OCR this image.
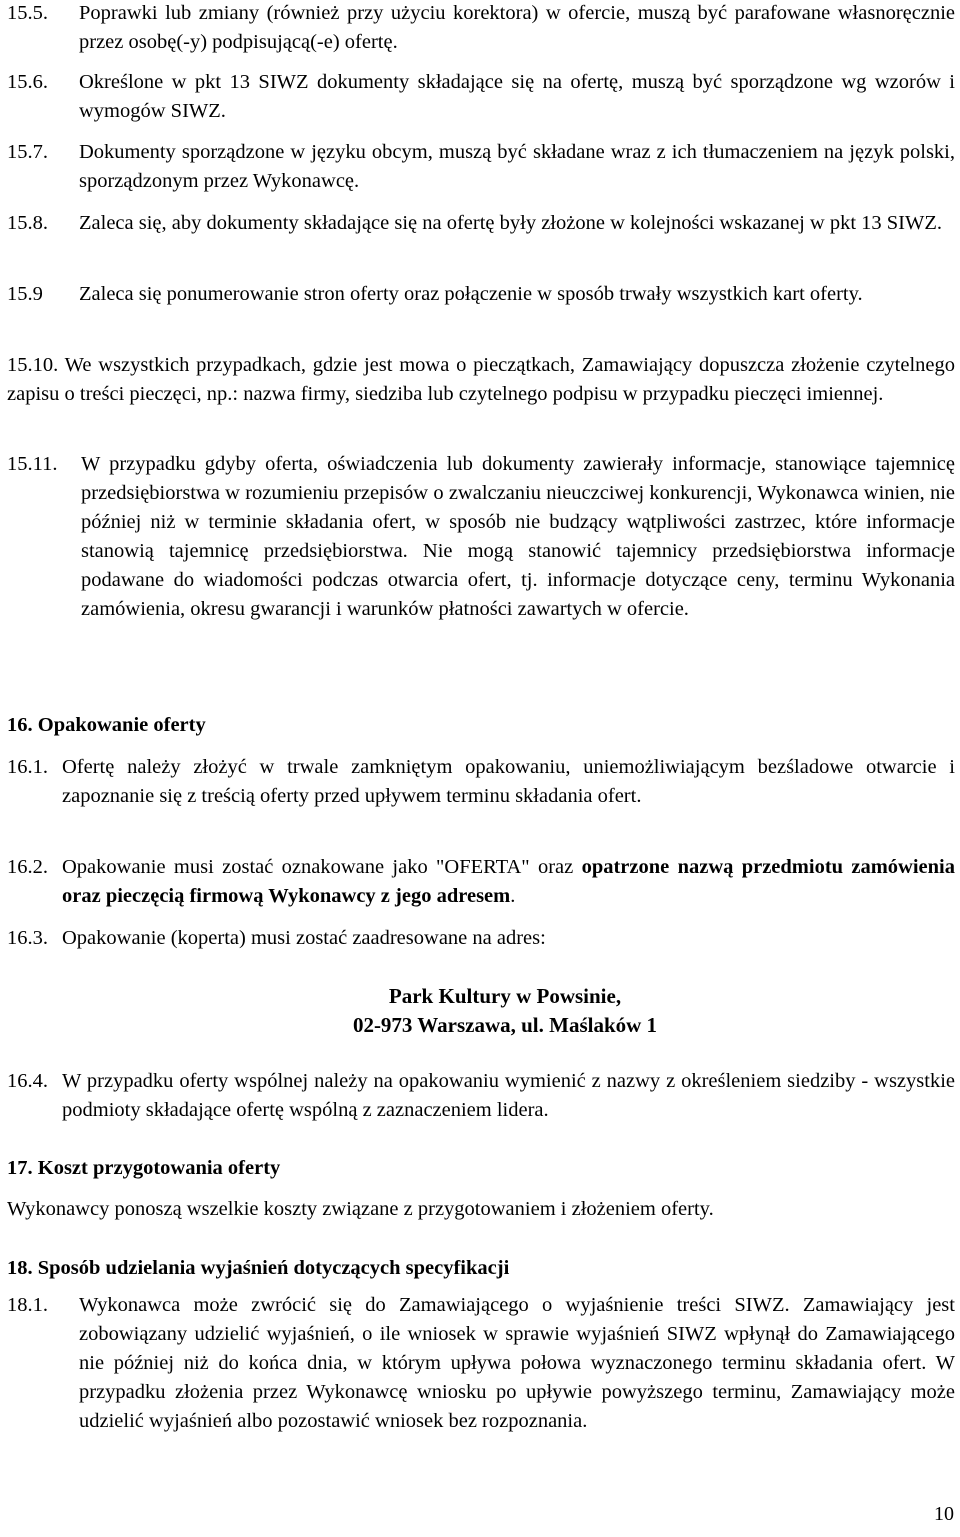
15.5.	Poprawki lub zmiany (również przy użyciu korektora) w ofercie, muszą być parafowane własnoręcznie przez osobę(-y) podpisującą(-e) ofertę.
15.6.	Określone w pkt 13 SIWZ dokumenty składające się na ofertę, muszą być sporządzone wg wzorów i wymogów SIWZ.
15.7.	Dokumenty sporządzone w języku obcym, muszą być składane wraz z ich tłumaczeniem na język polski, sporządzonym przez Wykonawcę.
15.8.	Zaleca się, aby dokumenty składające się na ofertę były złożone w kolejności wskazanej w pkt 13 SIWZ.
15.9	Zaleca się ponumerowanie stron oferty oraz połączenie w sposób trwały wszystkich kart oferty.
15.10. We wszystkich przypadkach, gdzie jest mowa o pieczątkach, Zamawiający dopuszcza złożenie czytelnego zapisu o treści pieczęci, np.: nazwa firmy, siedziba lub czytelnego podpisu w przypadku pieczęci imiennej.
15.11.	W przypadku gdyby oferta, oświadczenia lub dokumenty zawierały informacje, stanowiące tajemnicę przedsiębiorstwa w rozumieniu przepisów o zwalczaniu nieuczciwej konkurencji, Wykonawca winien, nie później niż w terminie składania ofert, w sposób nie budzący wątpliwości zastrzec, które informacje stanowią tajemnicę przedsiębiorstwa. Nie mogą stanowić tajemnicy przedsiębiorstwa informacje podawane do wiadomości podczas otwarcia ofert, tj. informacje dotyczące ceny, terminu Wykonania zamówienia, okresu gwarancji i warunków płatności zawartych w ofercie.
16. Opakowanie oferty
16.1. Ofertę należy złożyć w trwale zamkniętym opakowaniu, uniemożliwiającym bezśladowe otwarcie i zapoznanie się z treścią oferty przed upływem terminu składania ofert.
16.2. Opakowanie musi zostać oznakowane jako "OFERTA" oraz opatrzone nazwą przedmiotu zamówienia oraz pieczęcią firmową Wykonawcy z jego adresem.
16.3. Opakowanie (koperta) musi zostać zaadresowane na adres:
Park Kultury w Powsinie,
02-973 Warszawa, ul. Maślaków 1
16.4. W przypadku oferty wspólnej należy na opakowaniu wymienić z nazwy z określeniem siedziby - wszystkie podmioty składające ofertę wspólną z zaznaczeniem lidera.
17. Koszt przygotowania oferty
Wykonawcy ponoszą wszelkie koszty związane z przygotowaniem i złożeniem oferty.
18. Sposób udzielania wyjaśnień dotyczących specyfikacji
18.1.	Wykonawca może zwrócić się do Zamawiającego o wyjaśnienie treści SIWZ. Zamawiający jest zobowiązany udzielić wyjaśnień, o ile wniosek w sprawie wyjaśnień SIWZ wpłynął do Zamawiającego nie później niż do końca dnia, w którym upływa połowa wyznaczonego terminu składania ofert. W przypadku złożenia przez Wykonawcę wniosku po upływie powyższego terminu, Zamawiający może udzielić wyjaśnień albo pozostawić wniosek bez rozpoznania.
10
